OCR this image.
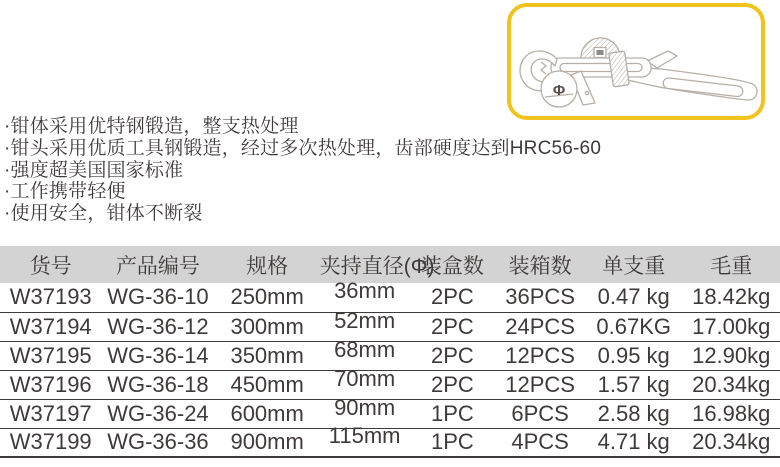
Φ
·钳体采用优特钢锻造，整支热处理
·钳头采用优质工具钢锻造，经过多次热处理，齿部硬度达到HRC56-60
·强度超美国国家标准
·工作携带轻便
·使用安全，钳体不断裂
货号	产品编号	规格	夹持直径(Φ)	装盒数	装箱数	单支重	毛重
W37193	WG-36-10	250mm	36mm	2PC	36PCS	0.47 kg	18.42kg
W37194	WG-36-12	300mm	52mm	2PC	24PCS	0.67KG	17.00kg
W37195	WG-36-14	350mm	68mm	2PC	12PCS	0.95 kg	12.90kg
W37196	WG-36-18	450mm	70mm	2PC	12PCS	1.57 kg	20.34kg
W37197	WG-36-24	600mm	90mm	1PC	6PCS	2.58 kg	16.98kg
W37199	WG-36-36	900mm	115mm	1PC	4PCS	4.71 kg	20.34kg
